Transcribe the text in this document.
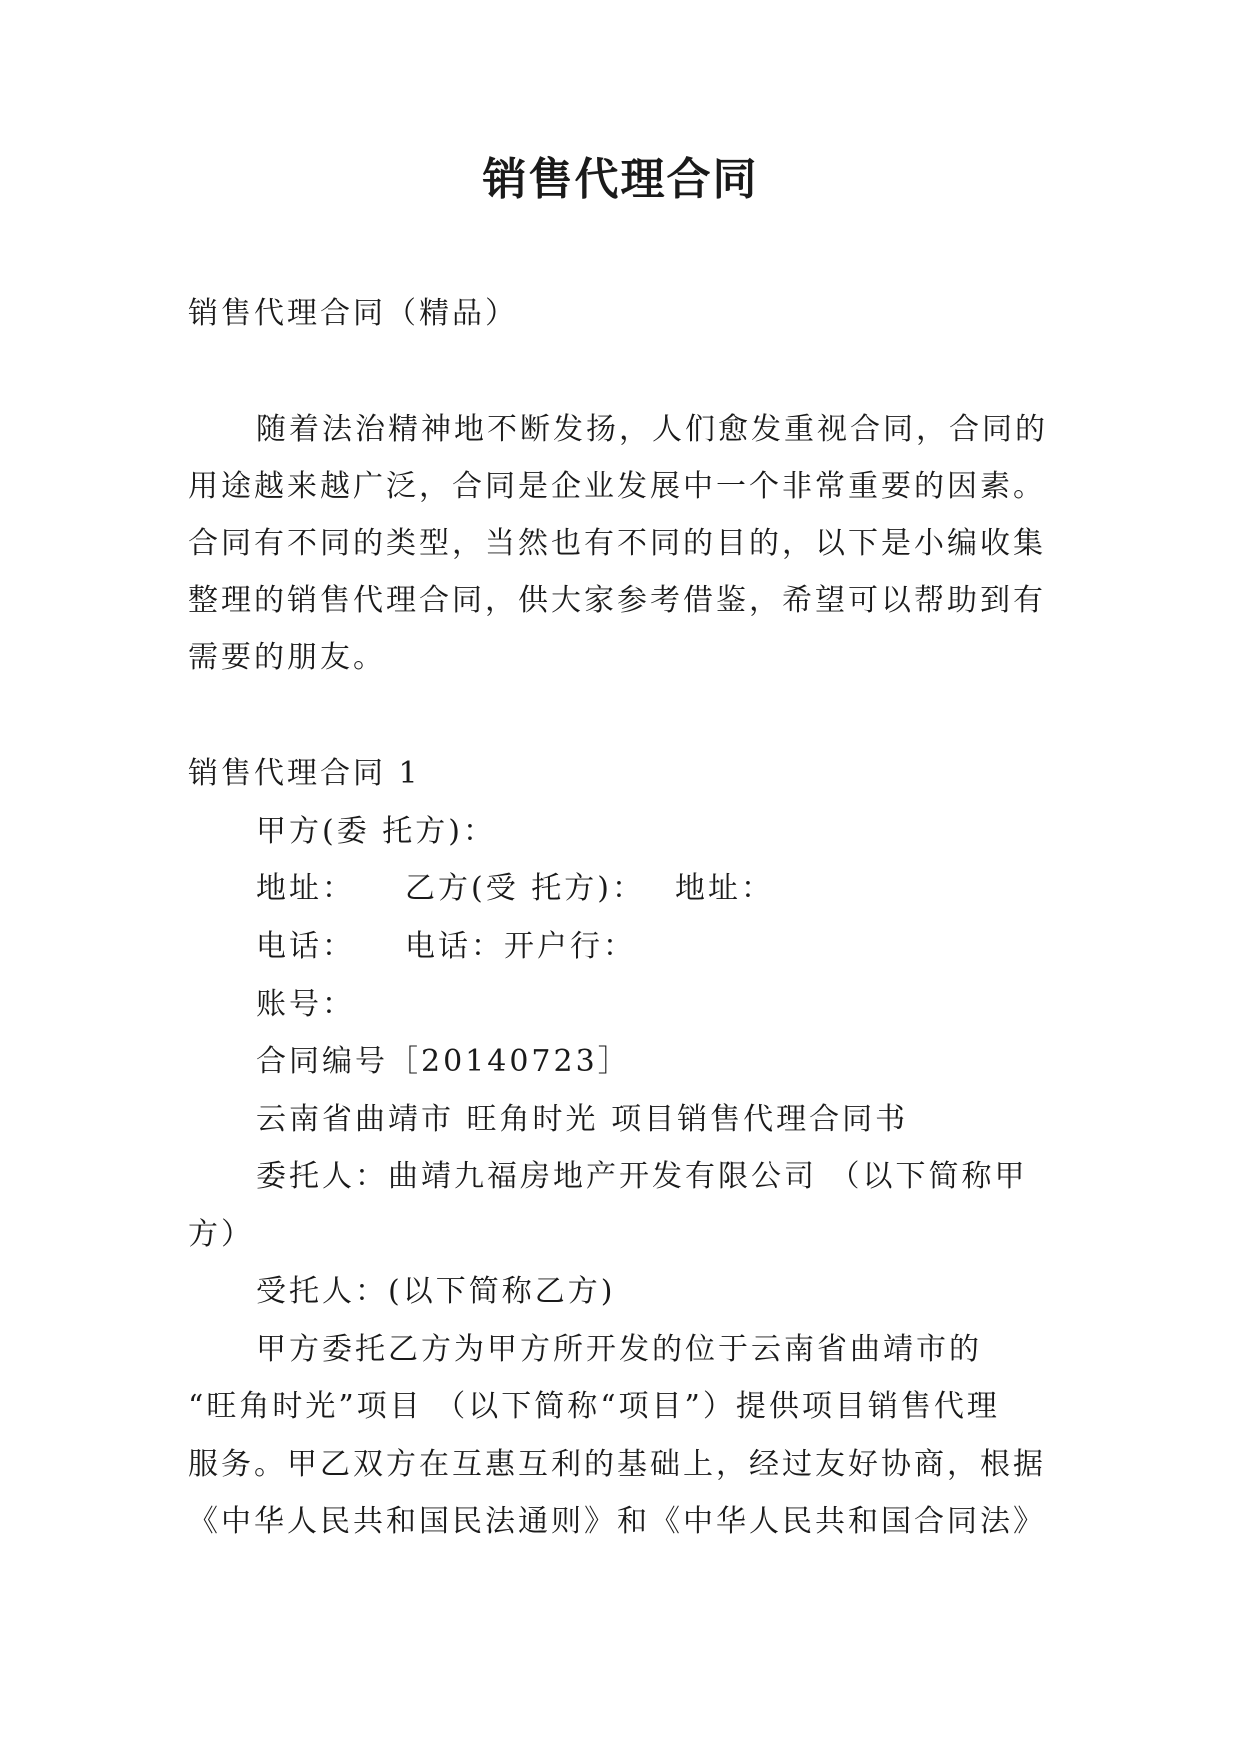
销售代理合同
销售代理合同（精品）
随着法治精神地不断发扬，人们愈发重视合同，合同的
用途越来越广泛，合同是企业发展中一个非常重要的因素。
合同有不同的类型，当然也有不同的目的，以下是小编收集
整理的销售代理合同，供大家参考借鉴，希望可以帮助到有
需要的朋友。
销售代理合同 1
甲方(委 托方)：
地址： 乙方(受 托方)： 地址：
电话： 电话：开户行：
账号：
合同编号［20140723］
云南省曲靖市 旺角时光 项目销售代理合同书
委托人：曲靖九福房地产开发有限公司 （以下简称甲
方）
受托人：(以下简称乙方)
甲方委托乙方为甲方所开发的位于云南省曲靖市的
“旺角时光”项目 （以下简称“项目”）提供项目销售代理
服务。甲乙双方在互惠互利的基础上，经过友好协商，根据
《中华人民共和国民法通则》和《中华人民共和国合同法》
